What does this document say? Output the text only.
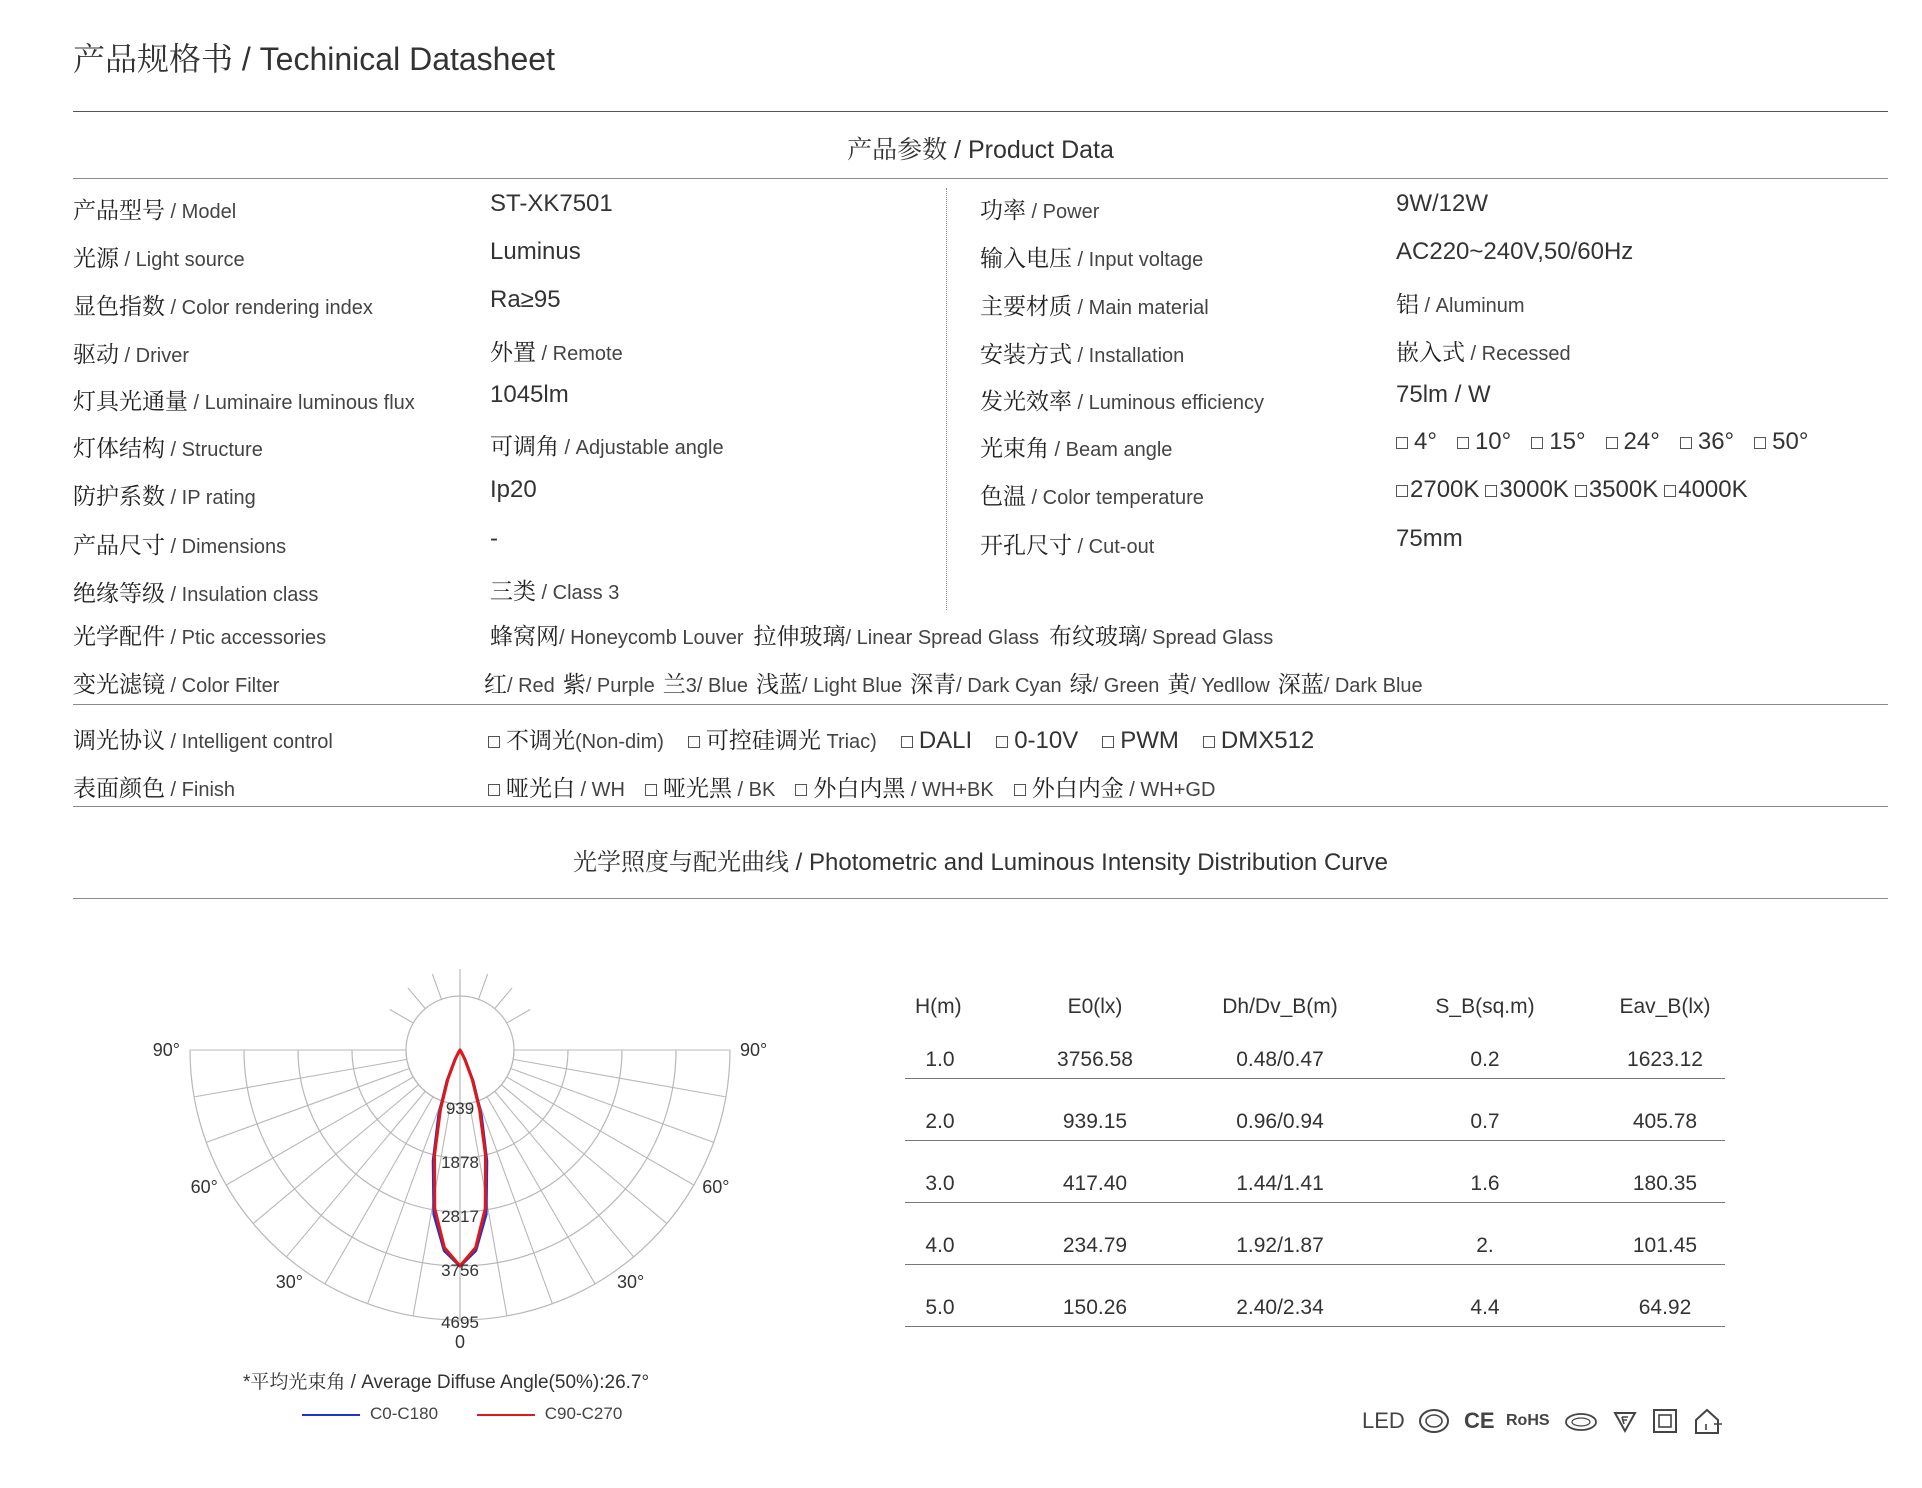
产品规格书 / Techinical Datasheet
产品参数 / Product Data
产品型号 / Model	ST-XK7501
光源 / Light source	Luminus
显色指数 / Color rendering index	Ra≥95
驱动 / Driver	外置 / Remote
灯具光通量 / Luminaire luminous flux	1045lm
灯体结构 / Structure	可调角 / Adjustable angle
防护系数 / IP rating	Ip20
产品尺寸 / Dimensions	-
绝缘等级 / Insulation class	三类 / Class 3
功率 / Power	9W/12W
输入电压 / Input voltage	AC220~240V,50/60Hz
主要材质 / Main material	铝 / Aluminum
安装方式 / Installation	嵌入式 / Recessed
发光效率 / Luminous efficiency	75lm / W
光束角 / Beam angle	4° 10° 15° 24° 36° 50°
色温 / Color temperature	2700K 3000K 3500K 4000K
开孔尺寸 / Cut-out	75mm
光学配件 / Ptic accessories	蜂窝网/ Honeycomb Louver 拉伸玻璃/ Linear Spread Glass 布纹玻璃/ Spread Glass
变光滤镜 / Color Filter	红/ Red 紫/ Purple 兰3/ Blue 浅蓝/ Light Blue 深青/ Dark Cyan 绿/ Green 黄/ Yedllow 深蓝/ Dark Blue
调光协议 / Intelligent control	不调光(Non-dim) 可控硅调光 Triac) DALI 0-10V PWM DMX512
表面颜色 / Finish	哑光白 / WH 哑光黑 / BK 外白内黑 / WH+BK 外白内金 / WH+GD
光学照度与配光曲线 / Photometric and Luminous Intensity Distribution Curve
939
1878
2817
3756
4695
90°	90°
60°	60°
30°	30°
0
*平均光束角 / Average Diffuse Angle(50%):26.7°
C0-C180	C90-C270
H(m)	E0(lx)	Dh/Dv_B(m)	S_B(sq.m)	Eav_B(lx)
1.0	3756.58	0.48/0.47	0.2	1623.12
2.0	939.15	0.96/0.94	0.7	405.78
3.0	417.40	1.44/1.41	1.6	180.35
4.0	234.79	1.92/1.87	2.	101.45
5.0	150.26	2.40/2.34	4.4	64.92
LED	CE RoHS
